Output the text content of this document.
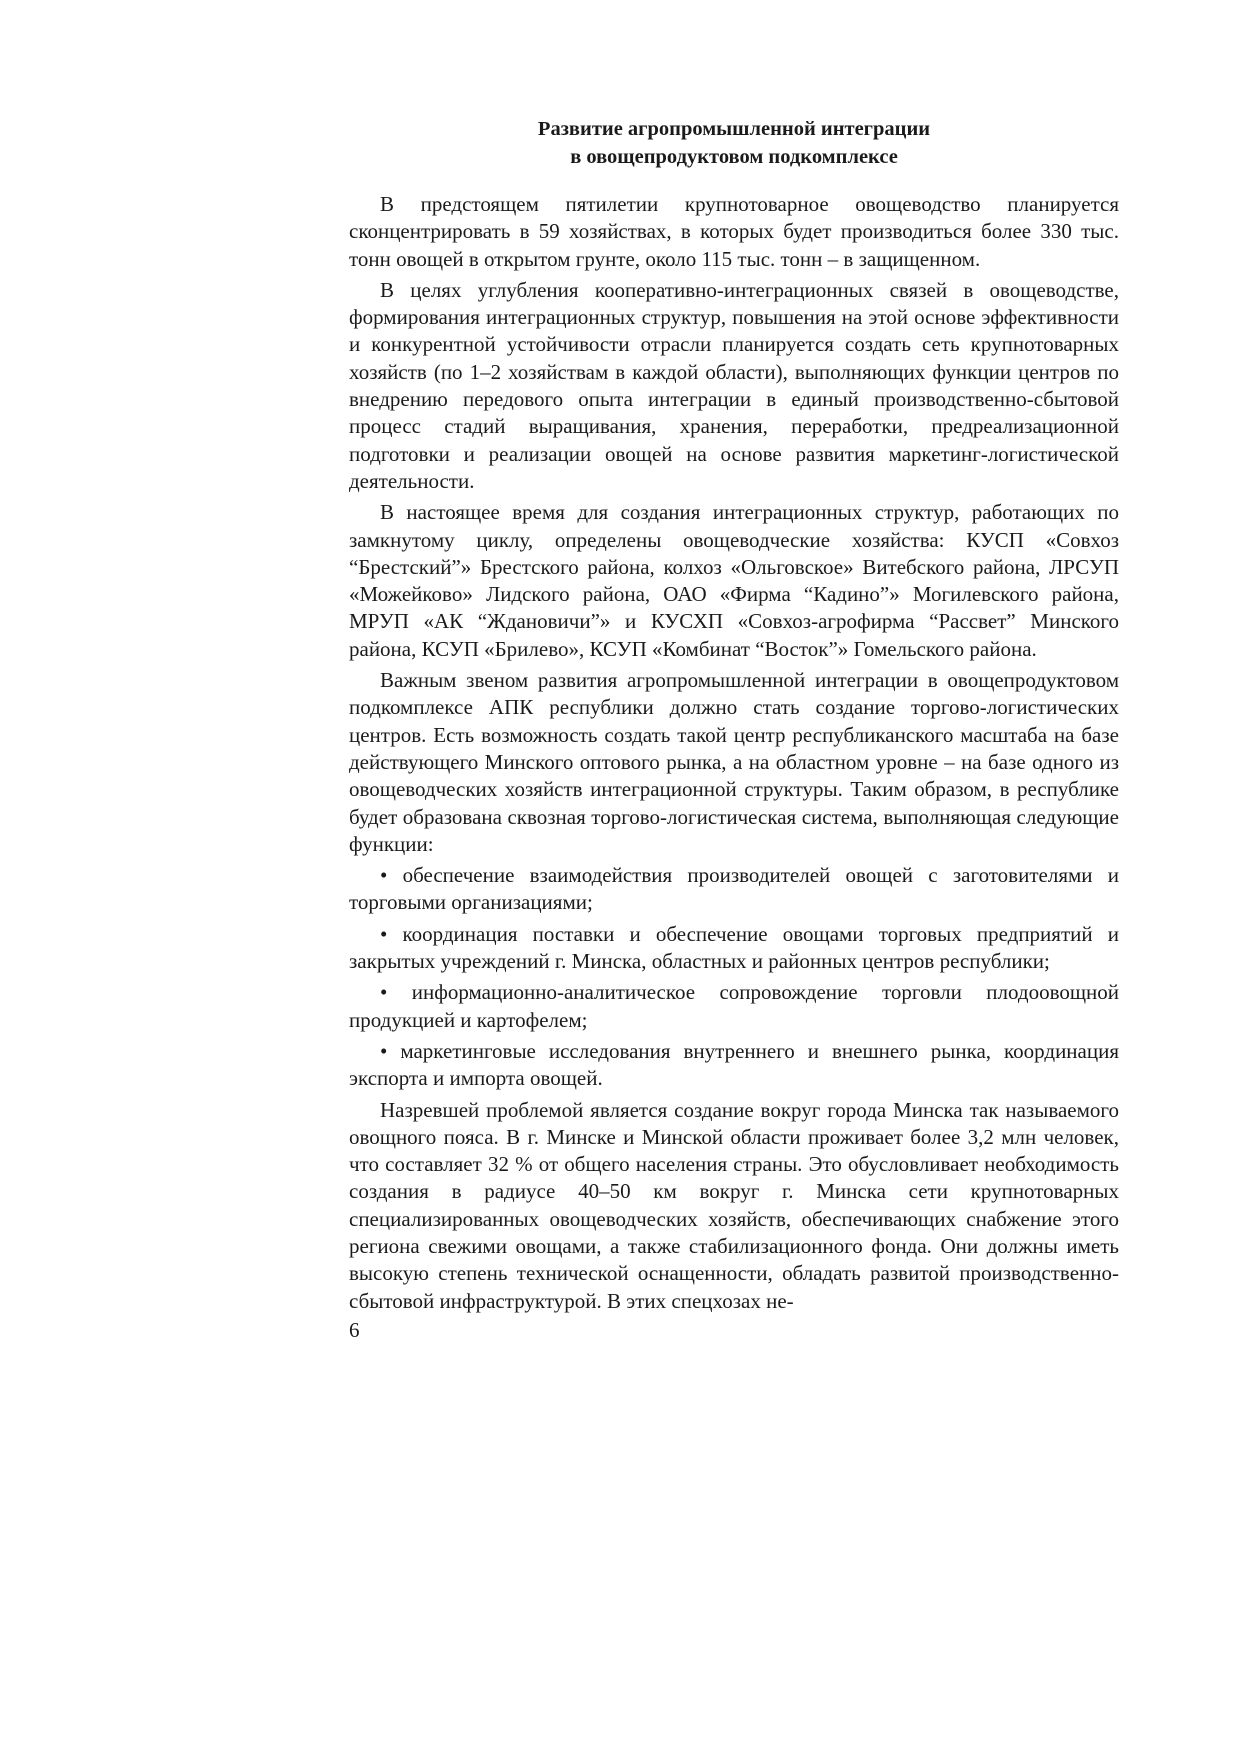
Развитие агропромышленной интеграции
в овощепродуктовом подкомплексе

В предстоящем пятилетии крупнотоварное овощеводство планируется сконцентрировать в 59 хозяйствах, в которых будет производиться более 330 тыс. тонн овощей в открытом грунте, около 115 тыс. тонн – в защищенном.

В целях углубления кооперативно-интеграционных связей в овощеводстве, формирования интеграционных структур, повышения на этой основе эффективности и конкурентной устойчивости отрасли планируется создать сеть крупнотоварных хозяйств (по 1–2 хозяйствам в каждой области), выполняющих функции центров по внедрению передового опыта интеграции в единый производственно-сбытовой процесс стадий выращивания, хранения, переработки, предреализационной подготовки и реализации овощей на основе развития маркетинг-логистической деятельности.

В настоящее время для создания интеграционных структур, работающих по замкнутому циклу, определены овощеводческие хозяйства: КУСП «Совхоз “Брестский”» Брестского района, колхоз «Ольговское» Витебского района, ЛРСУП «Можейково» Лидского района, ОАО «Фирма “Кадино”» Могилевского района, МРУП «АК “Ждановичи”» и КУСХП «Совхоз-агрофирма “Рассвет” Минского района, КСУП «Брилево», КСУП «Комбинат “Восток”» Гомельского района.

Важным звеном развития агропромышленной интеграции в овощепродуктовом подкомплексе АПК республики должно стать создание торгово-логистических центров. Есть возможность создать такой центр республиканского масштаба на базе действующего Минского оптового рынка, а на областном уровне – на базе одного из овощеводческих хозяйств интеграционной структуры. Таким образом, в республике будет образована сквозная торгово-логистическая система, выполняющая следующие функции:

• обеспечение взаимодействия производителей овощей с заготовителями и торговыми организациями;

• координация поставки и обеспечение овощами торговых предприятий и закрытых учреждений г. Минска, областных и районных центров республики;

• информационно-аналитическое сопровождение торговли плодоовощной продукцией и картофелем;

• маркетинговые исследования внутреннего и внешнего рынка, координация экспорта и импорта овощей.

Назревшей проблемой является создание вокруг города Минска так называемого овощного пояса. В г. Минске и Минской области проживает более 3,2 млн человек, что составляет 32 % от общего населения страны. Это обусловливает необходимость создания в радиусе 40–50 км вокруг г. Минска сети крупнотоварных специализированных овощеводческих хозяйств, обеспечивающих снабжение этого региона свежими овощами, а также стабилизационного фонда. Они должны иметь высокую степень технической оснащенности, обладать развитой производственно-сбытовой инфраструктурой. В этих спецхозах не-

6
